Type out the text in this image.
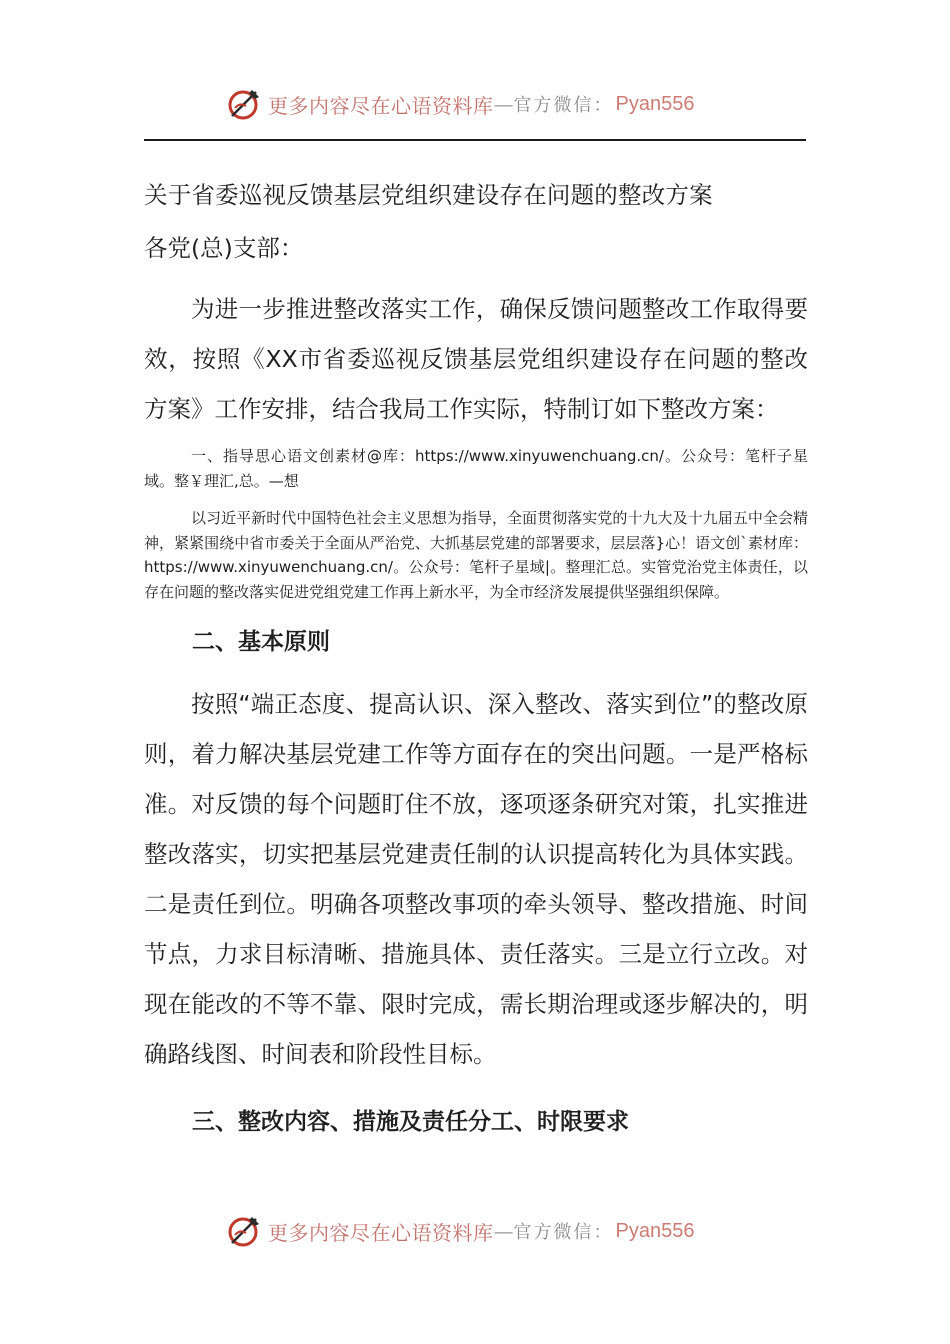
更多内容尽在心语资料库 — 官方微信： Pyan556

关于省委巡视反馈基层党组织建设存在问题的整改方案

各党(总)支部：

为进一步推进整改落实工作，确保反馈问题整改工作取得要效，按照《XX市省委巡视反馈基层党组织建设存在问题的整改方案》工作安排，结合我局工作实际，特制订如下整改方案：

一、指导思心语文创素材@库：https://www.xinyuwenchuang.cn/。公众号：笔杆子星域。整￥理汇,总。—想

以习近平新时代中国特色社会主义思想为指导，全面贯彻落实党的十九大及十九届五中全会精神，紧紧围绕中省市委关于全面从严治党、大抓基层党建的部署要求，层层落}心！语文创`素材库：https://www.xinyuwenchuang.cn/。公众号：笔杆子星域|。整理汇总。实管党治党主体责任，以存在问题的整改落实促进党组党建工作再上新水平，为全市经济发展提供坚强组织保障。

二、基本原则

按照“端正态度、提高认识、深入整改、落实到位”的整改原则，着力解决基层党建工作等方面存在的突出问题。一是严格标准。对反馈的每个问题盯住不放，逐项逐条研究对策，扎实推进整改落实，切实把基层党建责任制的认识提高转化为具体实践。二是责任到位。明确各项整改事项的牵头领导、整改措施、时间节点，力求目标清晰、措施具体、责任落实。三是立行立改。对现在能改的不等不靠、限时完成，需长期治理或逐步解决的，明确路线图、时间表和阶段性目标。

三、整改内容、措施及责任分工、时限要求

更多内容尽在心语资料库 — 官方微信： Pyan556
